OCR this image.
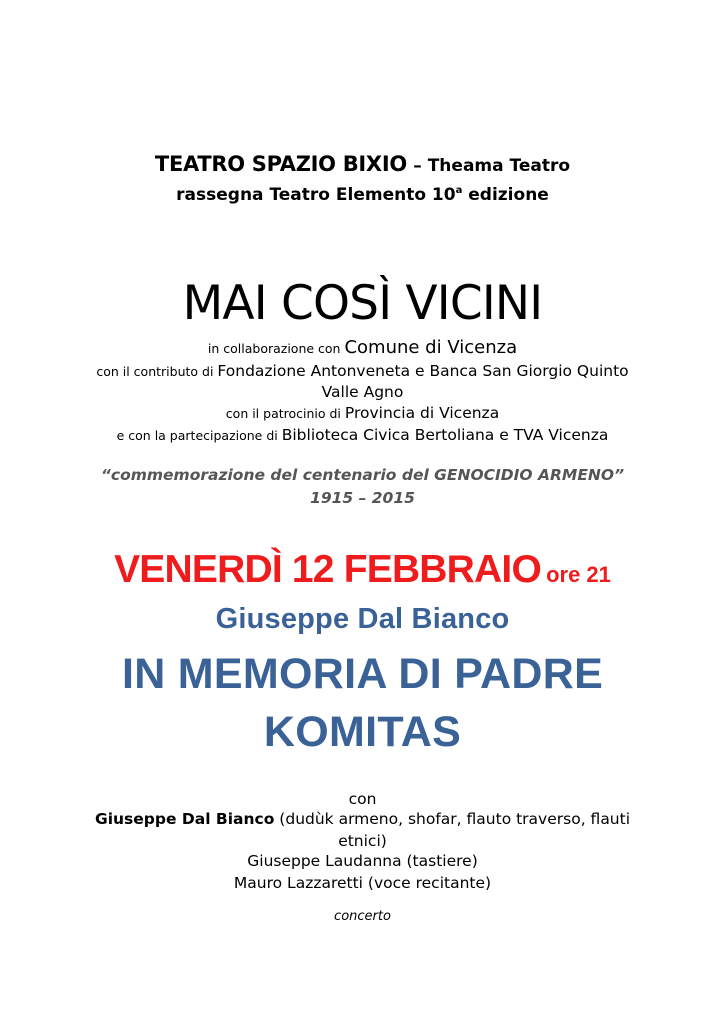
TEATRO SPAZIO BIXIO – Theama Teatro
rassegna Teatro Elemento 10$^a$ edizione
MAI COSÌ VICINI
in collaborazione con Comune di Vicenza
con il contributo di Fondazione Antonveneta e Banca San Giorgio Quinto
Valle Agno
con il patrocinio di Provincia di Vicenza
e con la partecipazione di Biblioteca Civica Bertoliana e TVA Vicenza
“commemorazione del centenario del GENOCIDIO ARMENO”
1915 – 2015
VENERDÌ 12 FEBBRAIO ore 21
Giuseppe Dal Bianco
IN MEMORIA DI PADRE
KOMITAS
con
Giuseppe Dal Bianco (dudùk armeno, shofar, flauto traverso, flauti
etnici)
Giuseppe Laudanna (tastiere)
Mauro Lazzaretti (voce recitante)
concerto
